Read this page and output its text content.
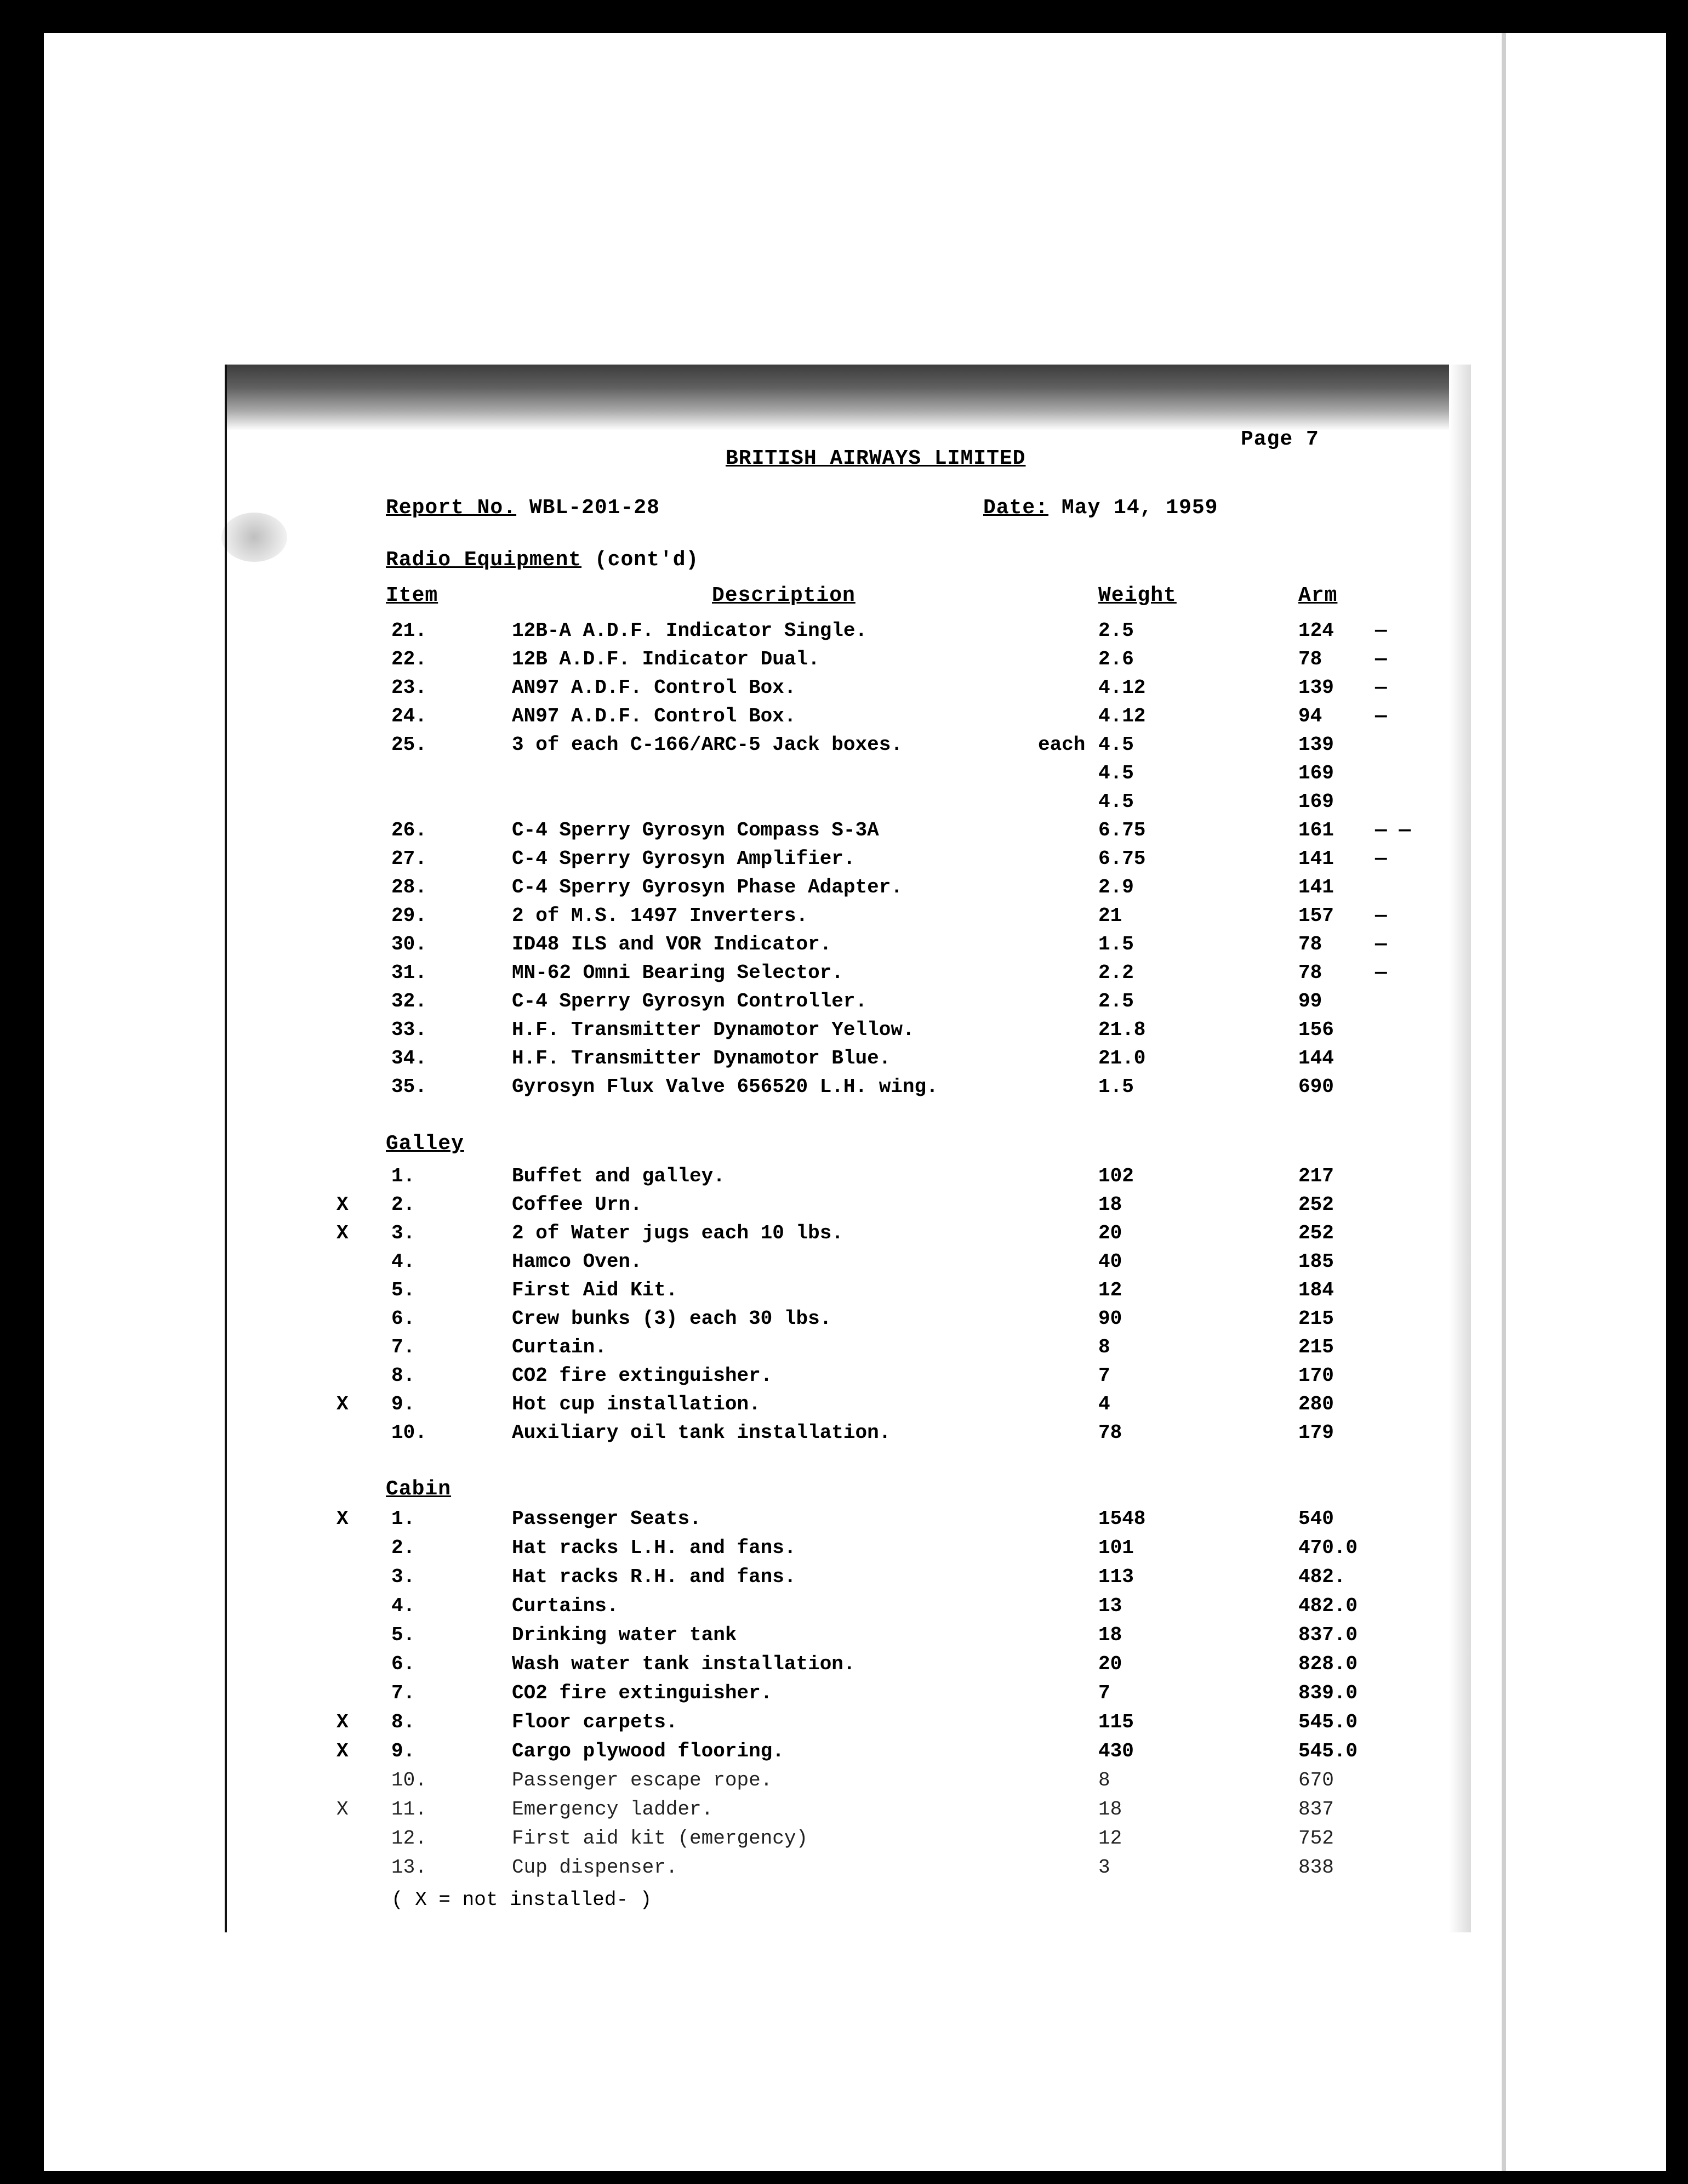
BRITISH AIRWAYS LIMITED
Page 7
Report No. WBL-201-28	Date: May 14, 1959
Radio Equipment (cont'd)
Item	Description	Weight	Arm
21.	12B-A A.D.F. Indicator Single.	2.5	124 —
22.	12B A.D.F. Indicator Dual.	2.6	78	—
23.	AN97 A.D.F. Control Box.	4.12	139 —
24.	AN97 A.D.F. Control Box.	4.12	94	—
25.	3 of each C-166/ARC-5 Jack boxes.	each 4.5	139
4.5	169
4.5	169
26.	C-4 Sperry Gyrosyn Compass S-3A	6.75	161 — —
27.	C-4 Sperry Gyrosyn Amplifier.	6.75	141 —
28.	C-4 Sperry Gyrosyn Phase Adapter.	2.9	141
29.	2 of M.S. 1497 Inverters.	21	157 —
30.	ID48 ILS and VOR Indicator.	1.5	78	—
31.	MN-62 Omni Bearing Selector.	2.2	78	—
32.	C-4 Sperry Gyrosyn Controller.	2.5	99
33.	H.F. Transmitter Dynamotor Yellow.	21.8	156
34.	H.F. Transmitter Dynamotor Blue.	21.0	144
35.	Gyrosyn Flux Valve 656520 L.H. wing.	1.5	690
Galley
1.	Buffet and galley.	102	217
X 2.	Coffee Urn.	18	252
X 3.	2 of Water jugs each 10 lbs.	20	252
4.	Hamco Oven.	40	185
5.	First Aid Kit.	12	184
6.	Crew bunks (3) each 30 lbs.	90	215
7.	Curtain.	8	215
8.	CO2 fire extinguisher.	7	170
X 9.	Hot cup installation.	4	280
10.	Auxiliary oil tank installation.	78	179
Cabin
X 1.	Passenger Seats.	1548	540
2.	Hat racks L.H. and fans.	101	470.0
3.	Hat racks R.H. and fans.	113	482.
4.	Curtains.	13	482.0
5.	Drinking water tank	18	837.0
6.	Wash water tank installation.	20	828.0
7.	CO2 fire extinguisher.	7	839.0
X 8.	Floor carpets.	115	545.0
X 9.	Cargo plywood flooring.	430	545.0
10.	Passenger escape rope.	8	670
X 11.	Emergency ladder.	18	837
12.	First aid kit (emergency)	12	752
13.	Cup dispenser.	3	838
( X = not installed- )
